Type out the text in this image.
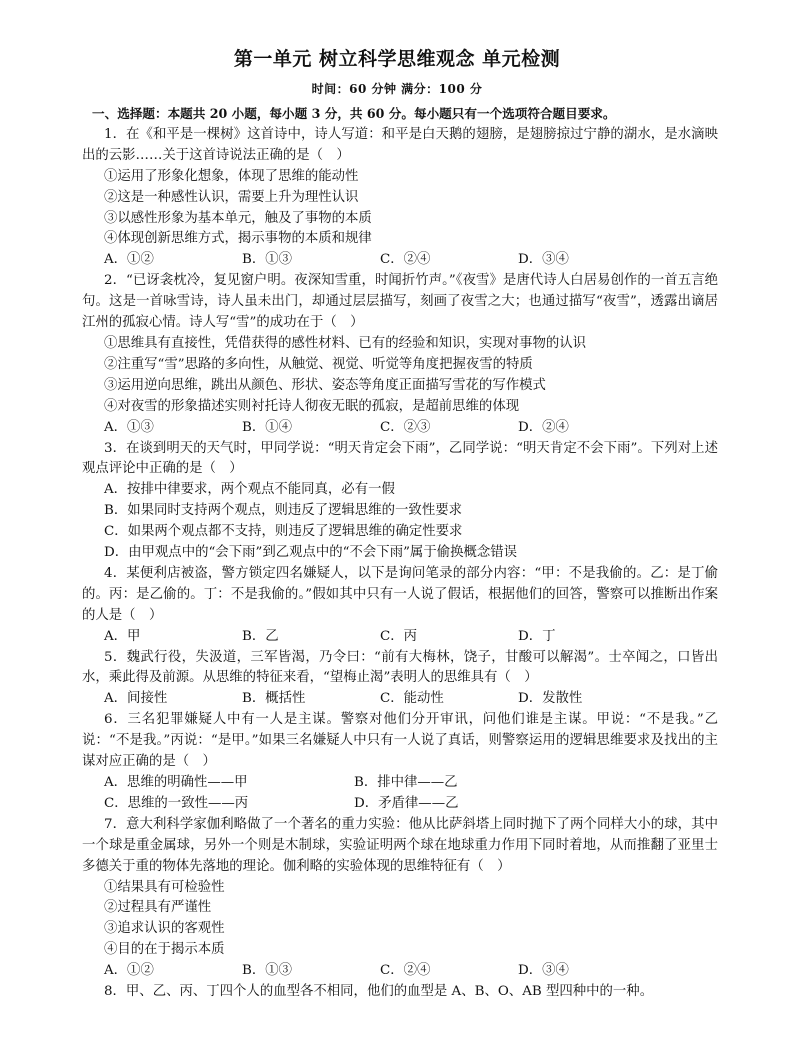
第一单元 树立科学思维观念 单元检测
时间：60 分钟 满分：100 分
一、选择题：本题共 20 小题，每小题 3 分，共 60 分。每小题只有一个选项符合题目要求。
1．在《和平是一棵树》这首诗中，诗人写道：和平是白天鹅的翅膀，是翅膀掠过宁静的湖水，是水滴映出的云影……关于这首诗说法正确的是（　）
①运用了形象化想象，体现了思维的能动性
②这是一种感性认识，需要上升为理性认识
③以感性形象为基本单元，触及了事物的本质
④体现创新思维方式，揭示事物的本质和规律
A．①②	B．①③	C．②④	D．③④
2．“已讶衾枕冷，复见窗户明。夜深知雪重，时闻折竹声。”《夜雪》是唐代诗人白居易创作的一首五言绝句。这是一首咏雪诗，诗人虽未出门，却通过层层描写，刻画了夜雪之大；也通过描写“夜雪”，透露出谪居江州的孤寂心情。诗人写“雪”的成功在于（　）
①思维具有直接性，凭借获得的感性材料、已有的经验和知识，实现对事物的认识
②注重写“雪”思路的多向性，从触觉、视觉、听觉等角度把握夜雪的特质
③运用逆向思维，跳出从颜色、形状、姿态等角度正面描写雪花的写作模式
④对夜雪的形象描述实则衬托诗人彻夜无眠的孤寂，是超前思维的体现
A．①③	B．①④	C．②③	D．②④
3．在谈到明天的天气时，甲同学说：“明天肯定会下雨”，乙同学说：“明天肯定不会下雨”。下列对上述观点评论中正确的是（　）
A．按排中律要求，两个观点不能同真，必有一假
B．如果同时支持两个观点，则违反了逻辑思维的一致性要求
C．如果两个观点都不支持，则违反了逻辑思维的确定性要求
D．由甲观点中的“会下雨”到乙观点中的“不会下雨”属于偷换概念错误
4．某便利店被盗，警方锁定四名嫌疑人，以下是询问笔录的部分内容：“甲：不是我偷的。乙：是丁偷的。丙：是乙偷的。丁：不是我偷的。”假如其中只有一人说了假话，根据他们的回答，警察可以推断出作案的人是（　）
A．甲	B．乙	C．丙	D．丁
5．魏武行役，失汲道，三军皆渴，乃令曰：“前有大梅林，饶子，甘酸可以解渴”。士卒闻之，口皆出水，乘此得及前源。从思维的特征来看，“望梅止渴”表明人的思维具有（　）
A．间接性	B．概括性	C．能动性	D．发散性
6．三名犯罪嫌疑人中有一人是主谋。警察对他们分开审讯，问他们谁是主谋。甲说：“不是我。”乙说：“不是我。”丙说：“是甲。”如果三名嫌疑人中只有一人说了真话，则警察运用的逻辑思维要求及找出的主谋对应正确的是（　）
A．思维的明确性——甲	B．排中律——乙
C．思维的一致性——丙	D．矛盾律——乙
7．意大利科学家伽利略做了一个著名的重力实验：他从比萨斜塔上同时抛下了两个同样大小的球，其中一个球是重金属球，另外一个则是木制球，实验证明两个球在地球重力作用下同时着地，从而推翻了亚里士多德关于重的物体先落地的理论。伽利略的实验体现的思维特征有（　）
①结果具有可检验性
②过程具有严谨性
③追求认识的客观性
④目的在于揭示本质
A．①②	B．①③	C．②④	D．③④
8．甲、乙、丙、丁四个人的血型各不相同，他们的血型是 A、B、O、AB 型四种中的一种。
